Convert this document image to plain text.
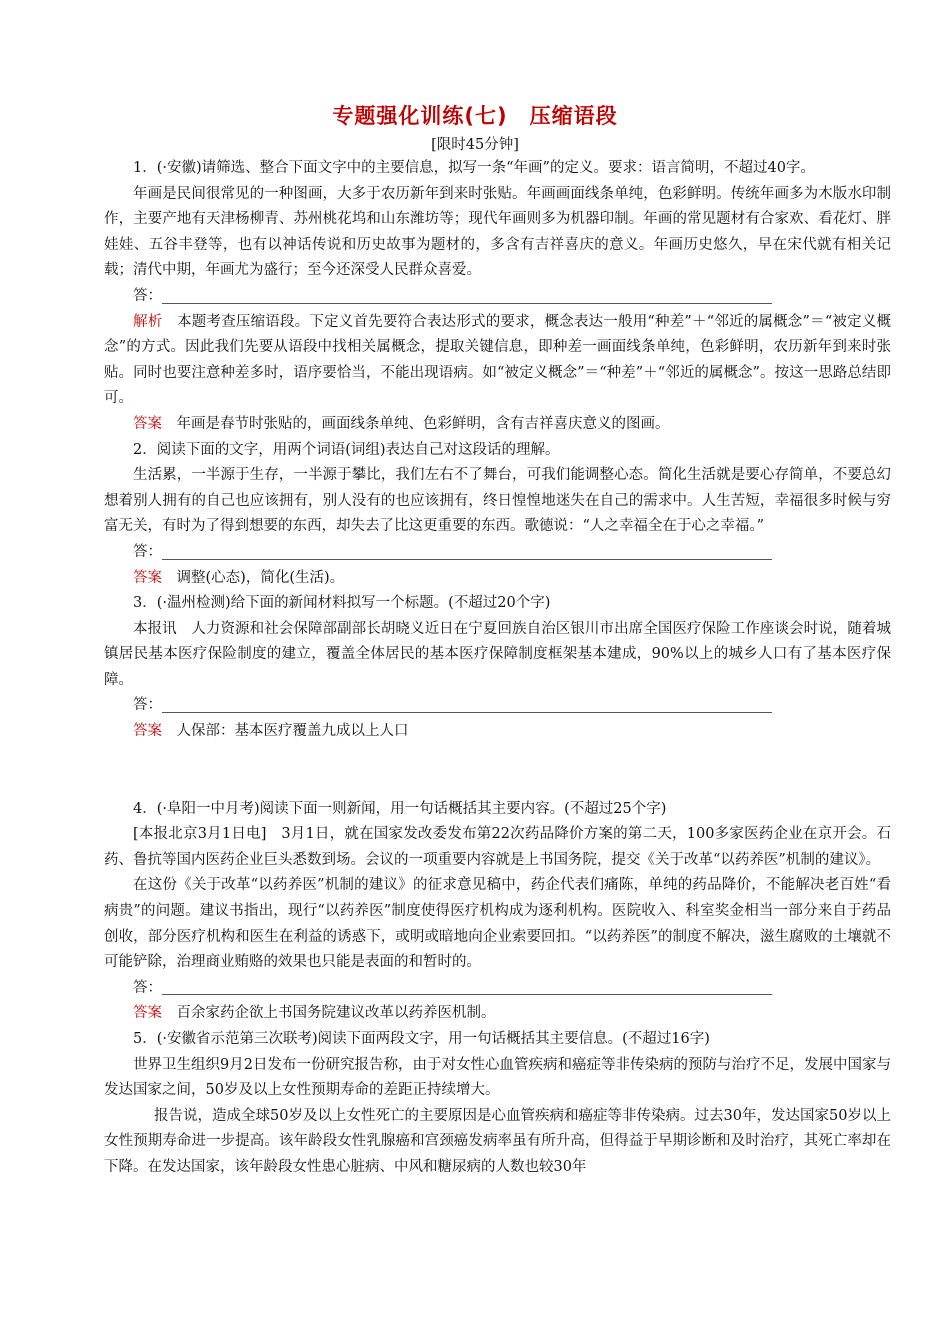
专题强化训练(七) 压缩语段
[限时45分钟]

1．(·安徽)请筛选、整合下面文字中的主要信息，拟写一条“年画”的定义。要求：语言简明，不超过40字。

年画是民间很常见的一种图画，大多于农历新年到来时张贴。年画画面线条单纯，色彩鲜明。传统年画多为木版水印制作，主要产地有天津杨柳青、苏州桃花坞和山东潍坊等；现代年画则多为机器印制。年画的常见题材有合家欢、看花灯、胖娃娃、五谷丰登等，也有以神话传说和历史故事为题材的，多含有吉祥喜庆的意义。年画历史悠久，早在宋代就有相关记载；清代中期，年画尤为盛行；至今还深受人民群众喜爱。

答：

解析　 本题考查压缩语段。下定义首先要符合表达形式的要求，概念表达一般用“种差”＋“邻近的属概念”＝“被定义概念”的方式。因此我们先要从语段中找相关属概念，提取关键信息，即种差一画面线条单纯，色彩鲜明，农历新年到来时张贴。同时也要注意种差多时，语序要恰当，不能出现语病。如“被定义概念”＝“种差”＋“邻近的属概念”。按这一思路总结即可。

答案　 年画是春节时张贴的，画面线条单纯、色彩鲜明，含有吉祥喜庆意义的图画。

2．阅读下面的文字，用两个词语(词组)表达自己对这段话的理解。

生活累，一半源于生存，一半源于攀比，我们左右不了舞台，可我们能调整心态。简化生活就是要心存简单，不要总幻想着别人拥有的自己也应该拥有，别人没有的也应该拥有，终日惶惶地迷失在自己的需求中。人生苦短，幸福很多时候与穷富无关，有时为了得到想要的东西，却失去了比这更重要的东西。歌德说：“人之幸福全在于心之幸福。”

答：

答案　 调整(心态)，简化(生活)。

3．(·温州检测)给下面的新闻材料拟写一个标题。(不超过20个字)

本报讯　人力资源和社会保障部副部长胡晓义近日在宁夏回族自治区银川市出席全国医疗保险工作座谈会时说，随着城镇居民基本医疗保险制度的建立，覆盖全体居民的基本医疗保障制度框架基本建成，90%以上的城乡人口有了基本医疗保障。

答：

答案　 人保部：基本医疗覆盖九成以上人口

4．(·阜阳一中月考)阅读下面一则新闻，用一句话概括其主要内容。(不超过25个字)

[本报北京3月1日电]　3月1日，就在国家发改委发布第22次药品降价方案的第二天，100多家医药企业在京开会。石药、鲁抗等国内医药企业巨头悉数到场。会议的一项重要内容就是上书国务院，提交《关于改革“以药养医”机制的建议》。

在这份《关于改革“以药养医”机制的建议》的征求意见稿中，药企代表们痛陈，单纯的药品降价，不能解决老百姓“看病贵”的问题。建议书指出，现行“以药养医”制度使得医疗机构成为逐利机构。医院收入、科室奖金相当一部分来自于药品创收，部分医疗机构和医生在利益的诱惑下，或明或暗地向企业索要回扣。“以药养医”的制度不解决，滋生腐败的土壤就不可能铲除，治理商业贿赂的效果也只能是表面的和暂时的。

答：

答案　 百余家药企欲上书国务院建议改革以药养医机制。

5．(·安徽省示范第三次联考)阅读下面两段文字，用一句话概括其主要信息。(不超过16字)

世界卫生组织9月2日发布一份研究报告称，由于对女性心血管疾病和癌症等非传染病的预防与治疗不足，发展中国家与发达国家之间，50岁及以上女性预期寿命的差距正持续增大。

报告说，造成全球50岁及以上女性死亡的主要原因是心血管疾病和癌症等非传染病。过去30年，发达国家50岁以上女性预期寿命进一步提高。该年龄段女性乳腺癌和宫颈癌发病率虽有所升高，但得益于早期诊断和及时治疗，其死亡率却在下降。在发达国家，该年龄段女性患心脏病、中风和糖尿病的人数也较30年
